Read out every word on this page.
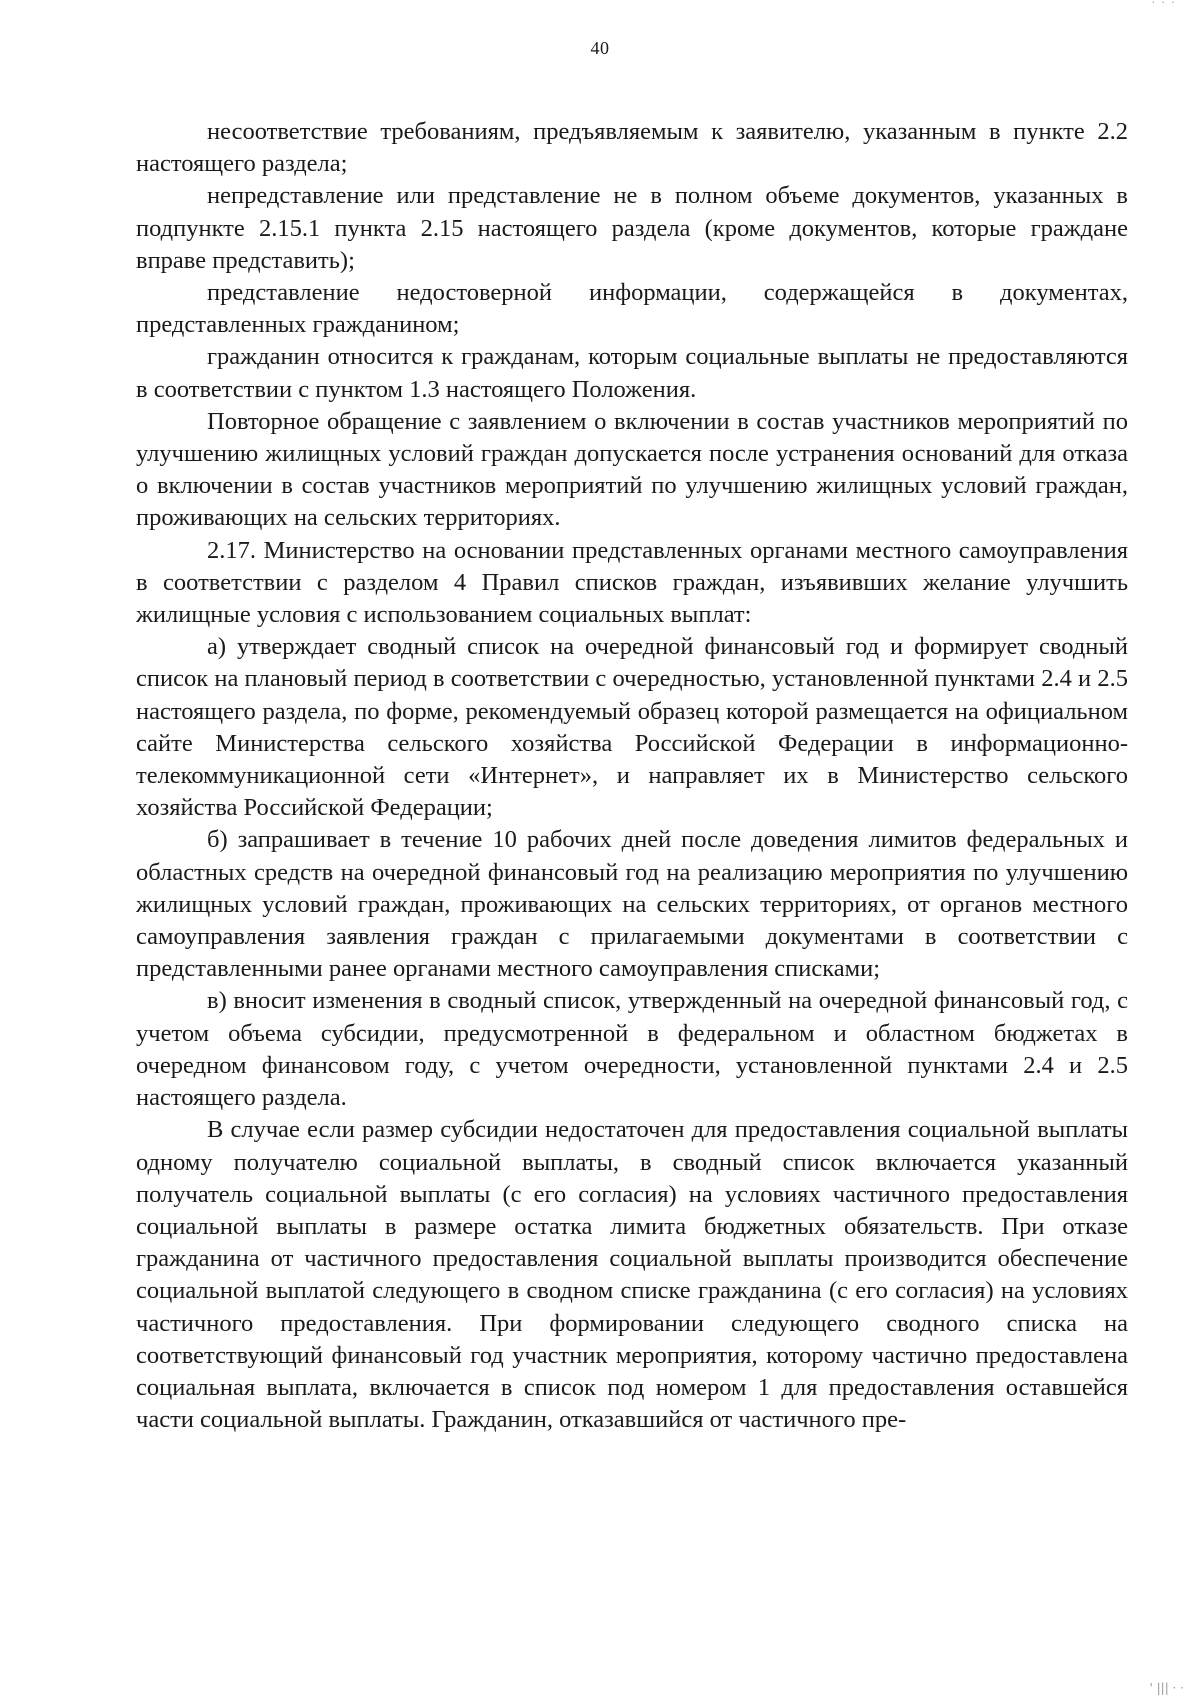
˙ ˙ ˙
40

несоответствие требованиям, предъявляемым к заявителю, указанным в пункте 2.2 настоящего раздела;

непредставление или представление не в полном объеме документов, указанных в подпункте 2.15.1 пункта 2.15 настоящего раздела (кроме документов, которые граждане вправе представить);

представление недостоверной информации, содержащейся в документах, представленных гражданином;

гражданин относится к гражданам, которым социальные выплаты не предоставляются в соответствии с пунктом 1.3 настоящего Положения.

Повторное обращение с заявлением о включении в состав участников мероприятий по улучшению жилищных условий граждан допускается после устранения оснований для отказа о включении в состав участников мероприятий по улучшению жилищных условий граждан, проживающих на сельских территориях.

2.17. Министерство на основании представленных органами местного самоуправления в соответствии с разделом 4 Правил списков граждан, изъявивших желание улучшить жилищные условия с использованием социальных выплат:

а) утверждает сводный список на очередной финансовый год и формирует сводный список на плановый период в соответствии с очередностью, установленной пунктами 2.4 и 2.5 настоящего раздела, по форме, рекомендуемый образец которой размещается на официальном сайте Министерства сельского хозяйства Российской Федерации в информационно-телекоммуникационной сети «Интернет», и направляет их в Министерство сельского хозяйства Российской Федерации;

б) запрашивает в течение 10 рабочих дней после доведения лимитов федеральных и областных средств на очередной финансовый год на реализацию мероприятия по улучшению жилищных условий граждан, проживающих на сельских территориях, от органов местного самоуправления заявления граждан с прилагаемыми документами в соответствии с представленными ранее органами местного самоуправления списками;

в) вносит изменения в сводный список, утвержденный на очередной финансовый год, с учетом объема субсидии, предусмотренной в федеральном и областном бюджетах в очередном финансовом году, с учетом очередности, установленной пунктами 2.4 и 2.5 настоящего раздела.

В случае если размер субсидии недостаточен для предоставления социальной выплаты одному получателю социальной выплаты, в сводный список включается указанный получатель социальной выплаты (с его согласия) на условиях частичного предоставления социальной выплаты в размере остатка лимита бюджетных обязательств. При отказе гражданина от частичного предоставления социальной выплаты производится обеспечение социальной выплатой следующего в сводном списке гражданина (с его согласия) на условиях частичного предоставления. При формировании следующего сводного списка на соответствующий финансовый год участник мероприятия, которому частично предоставлена социальная выплата, включается в список под номером 1 для предоставления оставшейся части социальной выплаты. Гражданин, отказавшийся от частичного пре-

' ||| · ·
